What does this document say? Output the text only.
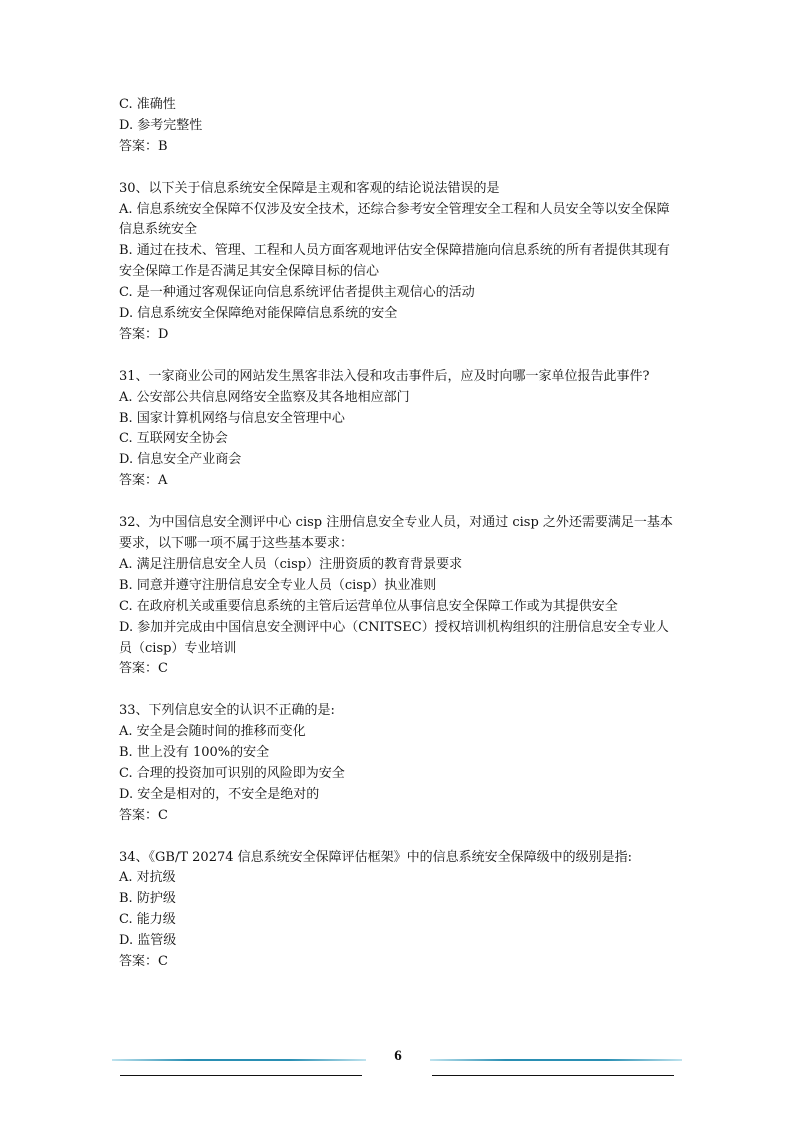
C. 准确性
D. 参考完整性
答案：B
30、以下关于信息系统安全保障是主观和客观的结论说法错误的是
A. 信息系统安全保障不仅涉及安全技术，还综合参考安全管理安全工程和人员安全等以安全保障信息系统安全
B. 通过在技术、管理、工程和人员方面客观地评估安全保障措施向信息系统的所有者提供其现有安全保障工作是否满足其安全保障目标的信心
C. 是一种通过客观保证向信息系统评估者提供主观信心的活动
D. 信息系统安全保障绝对能保障信息系统的安全
答案：D
31、一家商业公司的网站发生黑客非法入侵和攻击事件后，应及时向哪一家单位报告此事件?
A. 公安部公共信息网络安全监察及其各地相应部门
B. 国家计算机网络与信息安全管理中心
C. 互联网安全协会
D. 信息安全产业商会
答案：A
32、为中国信息安全测评中心 cisp 注册信息安全专业人员，对通过 cisp 之外还需要满足一基本要求，以下哪一项不属于这些基本要求：
A. 满足注册信息安全人员（cisp）注册资质的教育背景要求
B. 同意并遵守注册信息安全专业人员（cisp）执业准则
C. 在政府机关或重要信息系统的主管后运营单位从事信息安全保障工作或为其提供安全
D. 参加并完成由中国信息安全测评中心（CNITSEC）授权培训机构组织的注册信息安全专业人员（cisp）专业培训
答案：C
33、下列信息安全的认识不正确的是:
A. 安全是会随时间的推移而变化
B. 世上没有 100%的安全
C. 合理的投资加可识别的风险即为安全
D. 安全是相对的，不安全是绝对的
答案：C
34、《GB/T 20274 信息系统安全保障评估框架》中的信息系统安全保障级中的级别是指:
A. 对抗级
B. 防护级
C. 能力级
D. 监管级
答案：C
6
